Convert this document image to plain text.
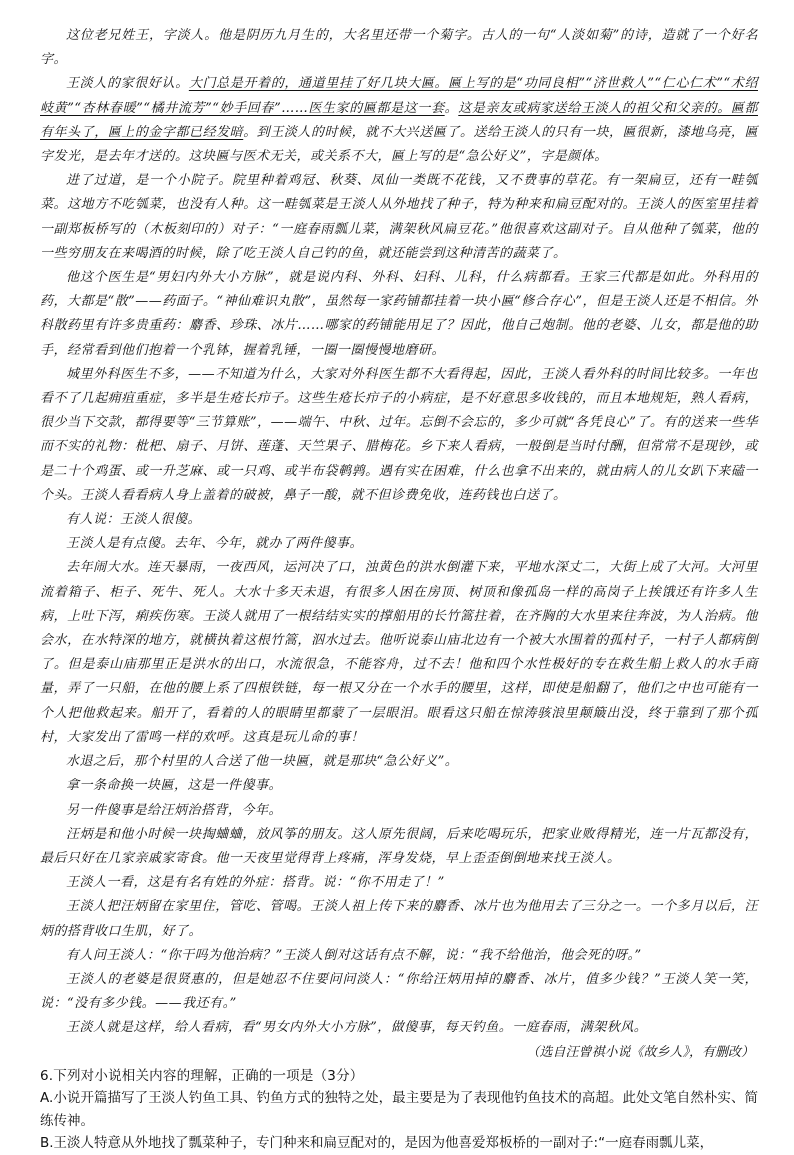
这位老兄姓王，字淡人。他是阴历九月生的，大名里还带一个菊字。古人的一句“人淡如菊”的诗，造就了一个好名字。

王淡人的家很好认。大门总是开着的，通道里挂了好几块大匾。匾上写的是“功同良相”“济世救人”“仁心仁术”“术绍岐黄”“杏林春暖”“橘井流芳”“妙手回春”……医生家的匾都是这一套。这是亲友或病家送给王淡人的祖父和父亲的。匾都有年头了，匾上的金字都已经发暗。到王淡人的时候，就不大兴送匾了。送给王淡人的只有一块，匾很新，漆地乌亮，匾字发光，是去年才送的。这块匾与医术无关，或关系不大，匾上写的是“急公好义”，字是颜体。

进了过道，是一个小院子。院里种着鸡冠、秋葵、凤仙一类既不花钱，又不费事的草花。有一架扁豆，还有一畦瓠菜。这地方不吃瓠菜，也没有人种。这一畦瓠菜是王淡人从外地找了种子，特为种来和扁豆配对的。王淡人的医室里挂着一副郑板桥写的（木板刻印的）对子：“一庭春雨瓢儿菜，满架秋风扁豆花。”他很喜欢这副对子。自从他种了瓠菜，他的一些穷朋友在来喝酒的时候，除了吃王淡人自己钓的鱼，就还能尝到这种清苦的蔬菜了。

他这个医生是“男妇内外大小方脉”，就是说内科、外科、妇科、儿科，什么病都看。王家三代都是如此。外科用的药，大都是“散”——药面子。“神仙难识丸散”，虽然每一家药铺都挂着一块小匾“修合存心”，但是王淡人还是不相信。外科散药里有许多贵重药：麝香、珍珠、冰片……哪家的药铺能用足了？因此，他自己炮制。他的老婆、儿女，都是他的助手，经常看到他们抱着一个乳钵，握着乳锤，一圈一圈慢慢地磨研。

城里外科医生不多，——不知道为什么，大家对外科医生都不大看得起，因此，王淡人看外科的时间比较多。一年也看不了几起痈疽重症，多半是生疮长疖子。这些生疮长疖子的小病症，是不好意思多收钱的，而且本地规矩，熟人看病，很少当下交款，都得要等“三节算账”，——端午、中秋、过年。忘倒不会忘的，多少可就“各凭良心”了。有的送来一些华而不实的礼物：枇杷、扇子、月饼、莲蓬、天竺果子、腊梅花。乡下来人看病，一般倒是当时付酬，但常常不是现钞，或是二十个鸡蛋、或一升芝麻、或一只鸡、或半布袋鹌鹑。遇有实在困难，什么也拿不出来的，就由病人的儿女趴下来磕一个头。王淡人看看病人身上盖着的破被，鼻子一酸，就不但诊费免收，连药钱也白送了。

有人说：王淡人很傻。

王淡人是有点傻。去年、今年，就办了两件傻事。

去年闹大水。连天暴雨，一夜西风，运河决了口，浊黄色的洪水倒灌下来，平地水深丈二，大街上成了大河。大河里流着箱子、柜子、死牛、死人。大水十多天未退，有很多人困在房顶、树顶和像孤岛一样的高岗子上挨饿还有许多人生病，上吐下泻，痢疾伤寒。王淡人就用了一根结结实实的撑船用的长竹篙拄着，在齐胸的大水里来往奔波，为人治病。他会水，在水特深的地方，就横执着这根竹篙，泅水过去。他听说泰山庙北边有一个被大水围着的孤村子，一村子人都病倒了。但是泰山庙那里正是洪水的出口，水流很急，不能容舟，过不去！他和四个水性极好的专在救生船上救人的水手商量，弄了一只船，在他的腰上系了四根铁链，每一根又分在一个水手的腰里，这样，即使是船翻了，他们之中也可能有一个人把他救起来。船开了，看着的人的眼睛里都蒙了一层眼泪。眼看这只船在惊涛骇浪里颠簸出没，终于靠到了那个孤村，大家发出了雷鸣一样的欢呼。这真是玩儿命的事！

水退之后，那个村里的人合送了他一块匾，就是那块“急公好义”。

拿一条命换一块匾，这是一件傻事。

另一件傻事是给汪炳治搭背，今年。

汪炳是和他小时候一块掏蛐蛐，放风筝的朋友。这人原先很阔，后来吃喝玩乐，把家业败得精光，连一片瓦都没有，最后只好在几家亲戚家寄食。他一天夜里觉得背上疼痛，浑身发烧，早上歪歪倒倒地来找王淡人。

王淡人一看，这是有名有姓的外症：搭背。说：“你不用走了！”

王淡人把汪炳留在家里住，管吃、管喝。王淡人祖上传下来的麝香、冰片也为他用去了三分之一。一个多月以后，汪炳的搭背收口生肌，好了。

有人问王淡人：“你干吗为他治病？”王淡人倒对这话有点不解，说：“我不给他治，他会死的呀。”

王淡人的老婆是很贤惠的，但是她忍不住要问问淡人：“你给汪炳用掉的麝香、冰片，值多少钱？”王淡人笑一笑，说：“没有多少钱。——我还有。”

王淡人就是这样，给人看病，看“男女内外大小方脉”，做傻事，每天钓鱼。一庭春雨，满架秋风。

（选自汪曾祺小说《故乡人》，有删改）

6.下列对小说相关内容的理解，正确的一项是（3分）

A.小说开篇描写了王淡人钓鱼工具、钓鱼方式的独特之处，最主要是为了表现他钓鱼技术的高超。此处文笔自然朴实、简练传神。

B.王淡人特意从外地找了瓢菜种子，专门种来和扁豆配对的，是因为他喜爱郑板桥的一副对子:“一庭春雨瓢儿菜，
